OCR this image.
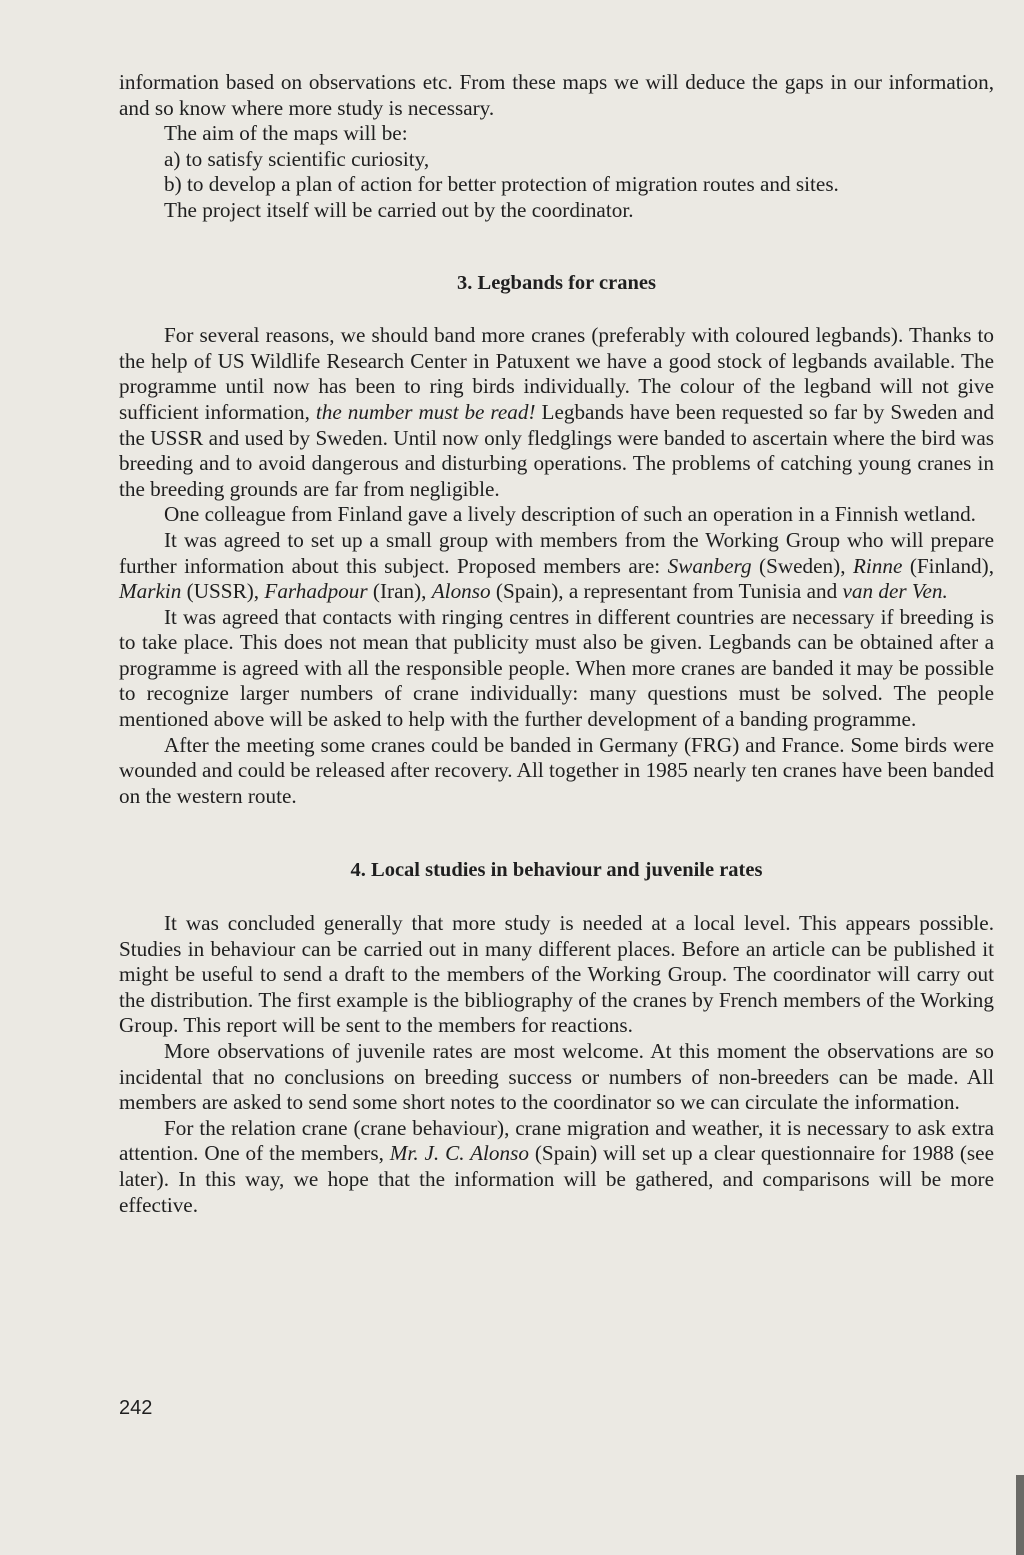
information based on observations etc. From these maps we will deduce the gaps in our information, and so know where more study is necessary.

The aim of the maps will be:

a) to satisfy scientific curiosity,

b) to develop a plan of action for better protection of migration routes and sites.

The project itself will be carried out by the coordinator.

3. Legbands for cranes

For several reasons, we should band more cranes (preferably with coloured legbands). Thanks to the help of US Wildlife Research Center in Patuxent we have a good stock of legbands available. The programme until now has been to ring birds individually. The colour of the legband will not give sufficient information, the number must be read! Legbands have been requested so far by Sweden and the USSR and used by Sweden. Until now only fledglings were banded to ascertain where the bird was breeding and to avoid dangerous and disturbing operations. The problems of catching young cranes in the breeding grounds are far from negligible.

One colleague from Finland gave a lively description of such an operation in a Finnish wetland.

It was agreed to set up a small group with members from the Working Group who will prepare further information about this subject. Proposed members are: Swanberg (Sweden), Rinne (Finland), Markin (USSR), Farhadpour (Iran), Alonso (Spain), a representant from Tunisia and van der Ven.

It was agreed that contacts with ringing centres in different countries are necessary if breeding is to take place. This does not mean that publicity must also be given. Legbands can be obtained after a programme is agreed with all the responsible people. When more cranes are banded it may be possible to recognize larger numbers of crane individually: many questions must be solved. The people mentioned above will be asked to help with the further development of a banding programme.

After the meeting some cranes could be banded in Germany (FRG) and France. Some birds were wounded and could be released after recovery. All together in 1985 nearly ten cranes have been banded on the western route.

4. Local studies in behaviour and juvenile rates

It was concluded generally that more study is needed at a local level. This appears possible. Studies in behaviour can be carried out in many different places. Before an article can be published it might be useful to send a draft to the members of the Working Group. The coordinator will carry out the distribution. The first example is the bibliography of the cranes by French members of the Working Group. This report will be sent to the members for reactions.

More observations of juvenile rates are most welcome. At this moment the observations are so incidental that no conclusions on breeding success or numbers of non-breeders can be made. All members are asked to send some short notes to the coordinator so we can circulate the information.

For the relation crane (crane behaviour), crane migration and weather, it is necessary to ask extra attention. One of the members, Mr. J. C. Alonso (Spain) will set up a clear questionnaire for 1988 (see later). In this way, we hope that the information will be gathered, and comparisons will be more effective.

242
